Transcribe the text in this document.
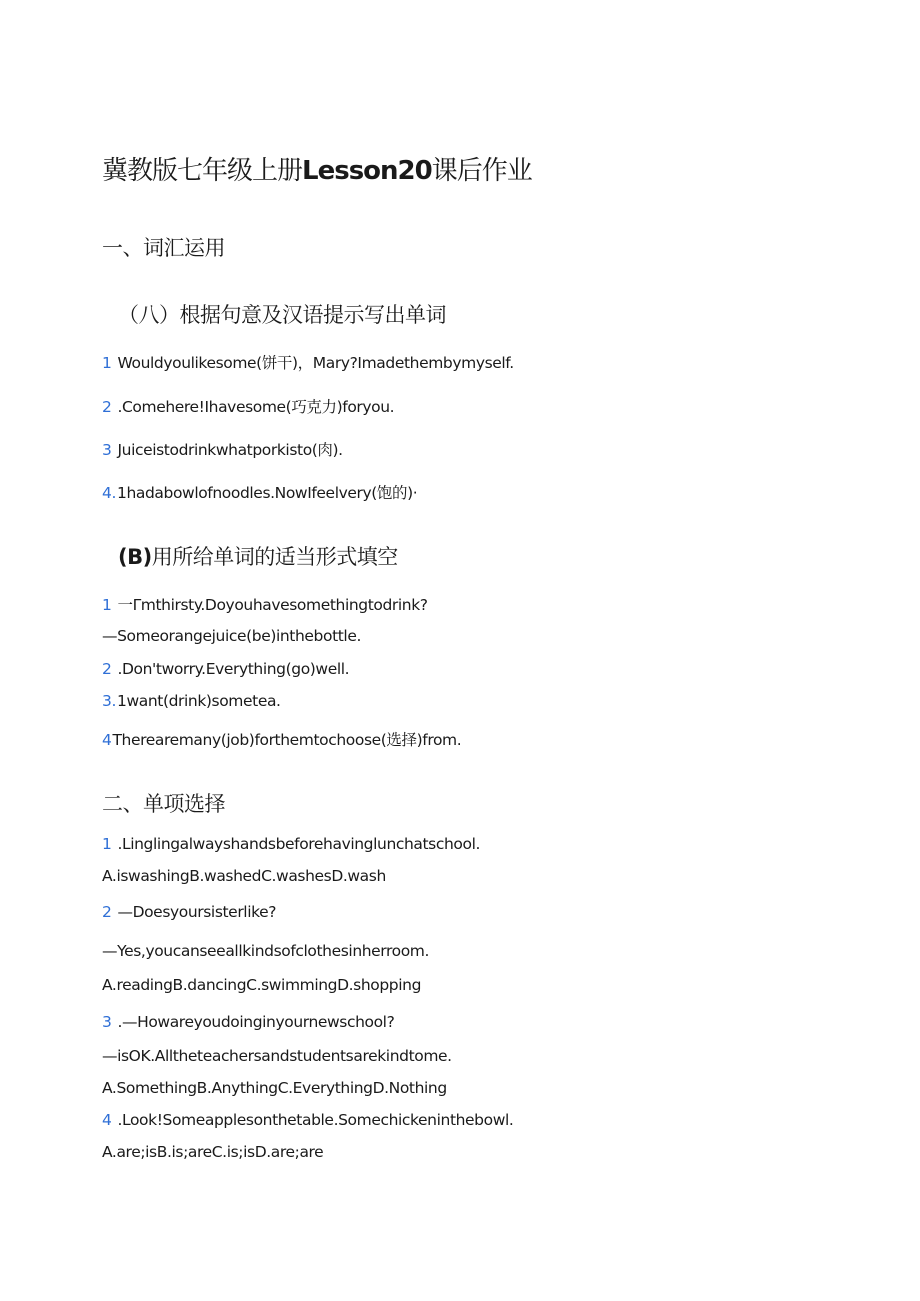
冀教版七年级上册Lesson20课后作业
一、词汇运用
（八）根据句意及汉语提示写出单词
1 Wouldyoulikesome(饼干)，Mary?Imadethembymyself.
2 .Comehere!Ihavesome(巧克力)foryou.
3 Juiceistodrinkwhatporkisto(肉).
4.1hadabowlofnoodles.NowIfeelvery(饱的)·
(B)用所给单词的适当形式填空
1 一Γmthirsty.Doyouhavesomethingtodrink?
—Someorangejuice(be)inthebottle.
2 .Don'tworry.Everything(go)well.
3.1want(drink)sometea.
4Therearemany(job)forthemtochoose(选择)from.
二、单项选择
1 .Linglingalwayshandsbeforehavinglunchatschool.
A.iswashingB.washedC.washesD.wash
2 —Doesyoursisterlike?
—Yes,youcanseeallkindsofclothesinherroom.
A.readingB.dancingC.swimmingD.shopping
3 .—Howareyoudoinginyournewschool?
—isOK.Alltheteachersandstudentsarekindtome.
A.SomethingB.AnythingC.EverythingD.Nothing
4 .Look!Someapplesonthetable.Somechickeninthebowl.
A.are;isB.is;areC.is;isD.are;are
